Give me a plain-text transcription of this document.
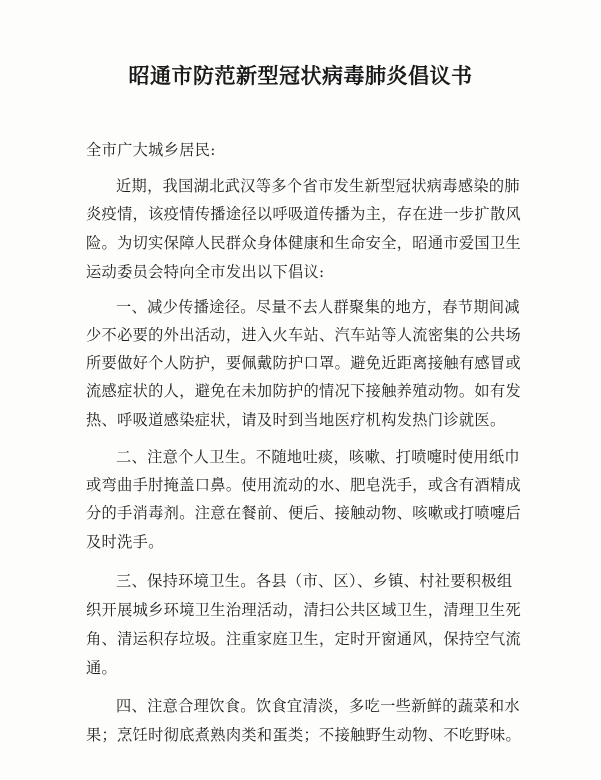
昭通市防范新型冠状病毒肺炎倡议书
全市广大城乡居民:
近期，我国湖北武汉等多个省市发生新型冠状病毒感染的肺
炎疫情，该疫情传播途径以呼吸道传播为主，存在进一步扩散风
险。为切实保障人民群众身体健康和生命安全，昭通市爱国卫生
运动委员会特向全市发出以下倡议:
一、减少传播途径。尽量不去人群聚集的地方，春节期间减
少不必要的外出活动，进入火车站、汽车站等人流密集的公共场
所要做好个人防护，要佩戴防护口罩。避免近距离接触有感冒或
流感症状的人，避免在未加防护的情况下接触养殖动物。如有发
热、呼吸道感染症状，请及时到当地医疗机构发热门诊就医。
二、注意个人卫生。不随地吐痰，咳嗽、打喷嚏时使用纸巾
或弯曲手肘掩盖口鼻。使用流动的水、肥皂洗手，或含有酒精成
分的手消毒剂。注意在餐前、便后、接触动物、咳嗽或打喷嚏后
及时洗手。
三、保持环境卫生。各县（市、区）、乡镇、村社要积极组
织开展城乡环境卫生治理活动，清扫公共区域卫生，清理卫生死
角、清运积存垃圾。注重家庭卫生，定时开窗通风，保持空气流
通。
四、注意合理饮食。饮食宜清淡，多吃一些新鲜的蔬菜和水
果；烹饪时彻底煮熟肉类和蛋类；不接触野生动物、不吃野味。
